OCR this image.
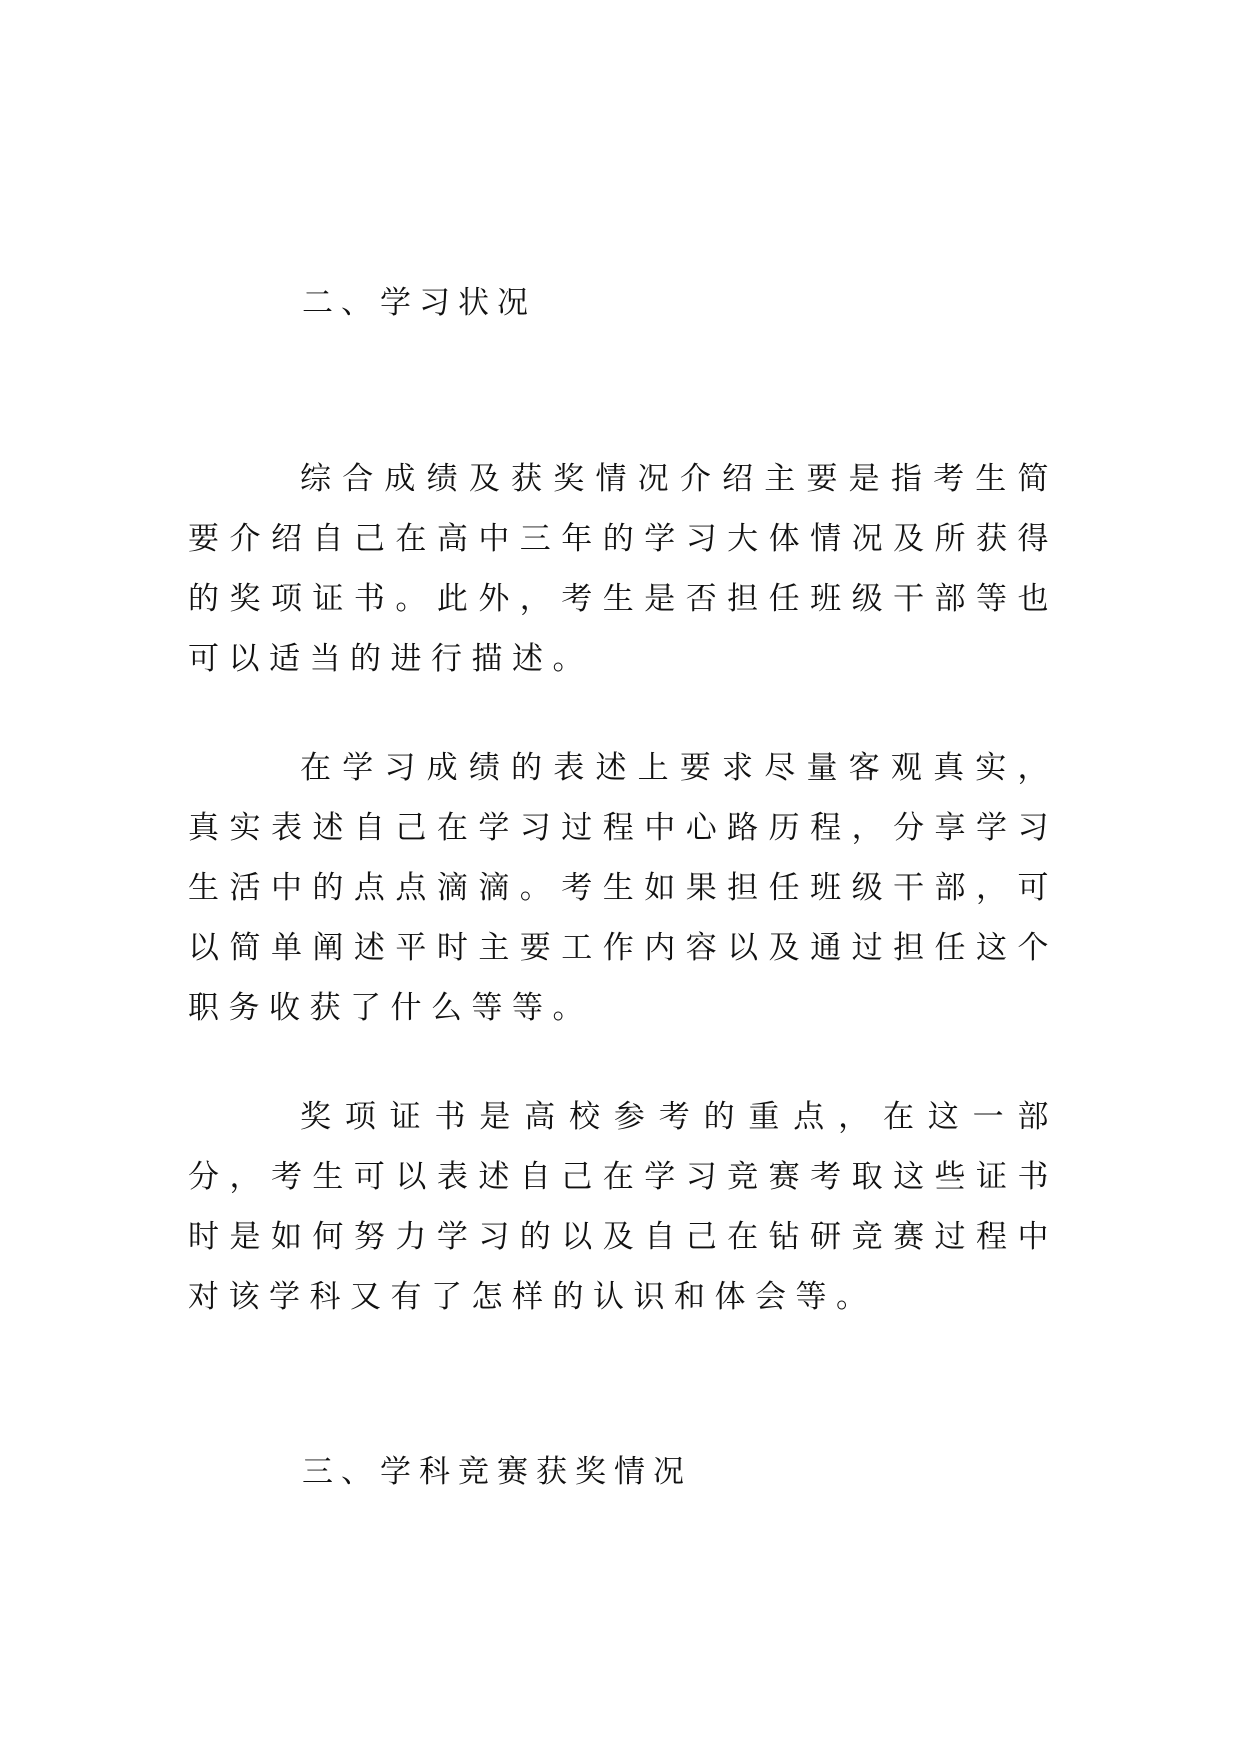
二、学习状况

综合成绩及获奖情况介绍主要是指考生简要介绍自己在高中三年的学习大体情况及所获得的奖项证书。此外，考生是否担任班级干部等也可以适当的进行描述。

在学习成绩的表述上要求尽量客观真实，真实表述自己在学习过程中心路历程，分享学习生活中的点点滴滴。考生如果担任班级干部，可以简单阐述平时主要工作内容以及通过担任这个职务收获了什么等等。

奖项证书是高校参考的重点，在这一部分，考生可以表述自己在学习竞赛考取这些证书时是如何努力学习的以及自己在钻研竞赛过程中对该学科又有了怎样的认识和体会等。

三、学科竞赛获奖情况
